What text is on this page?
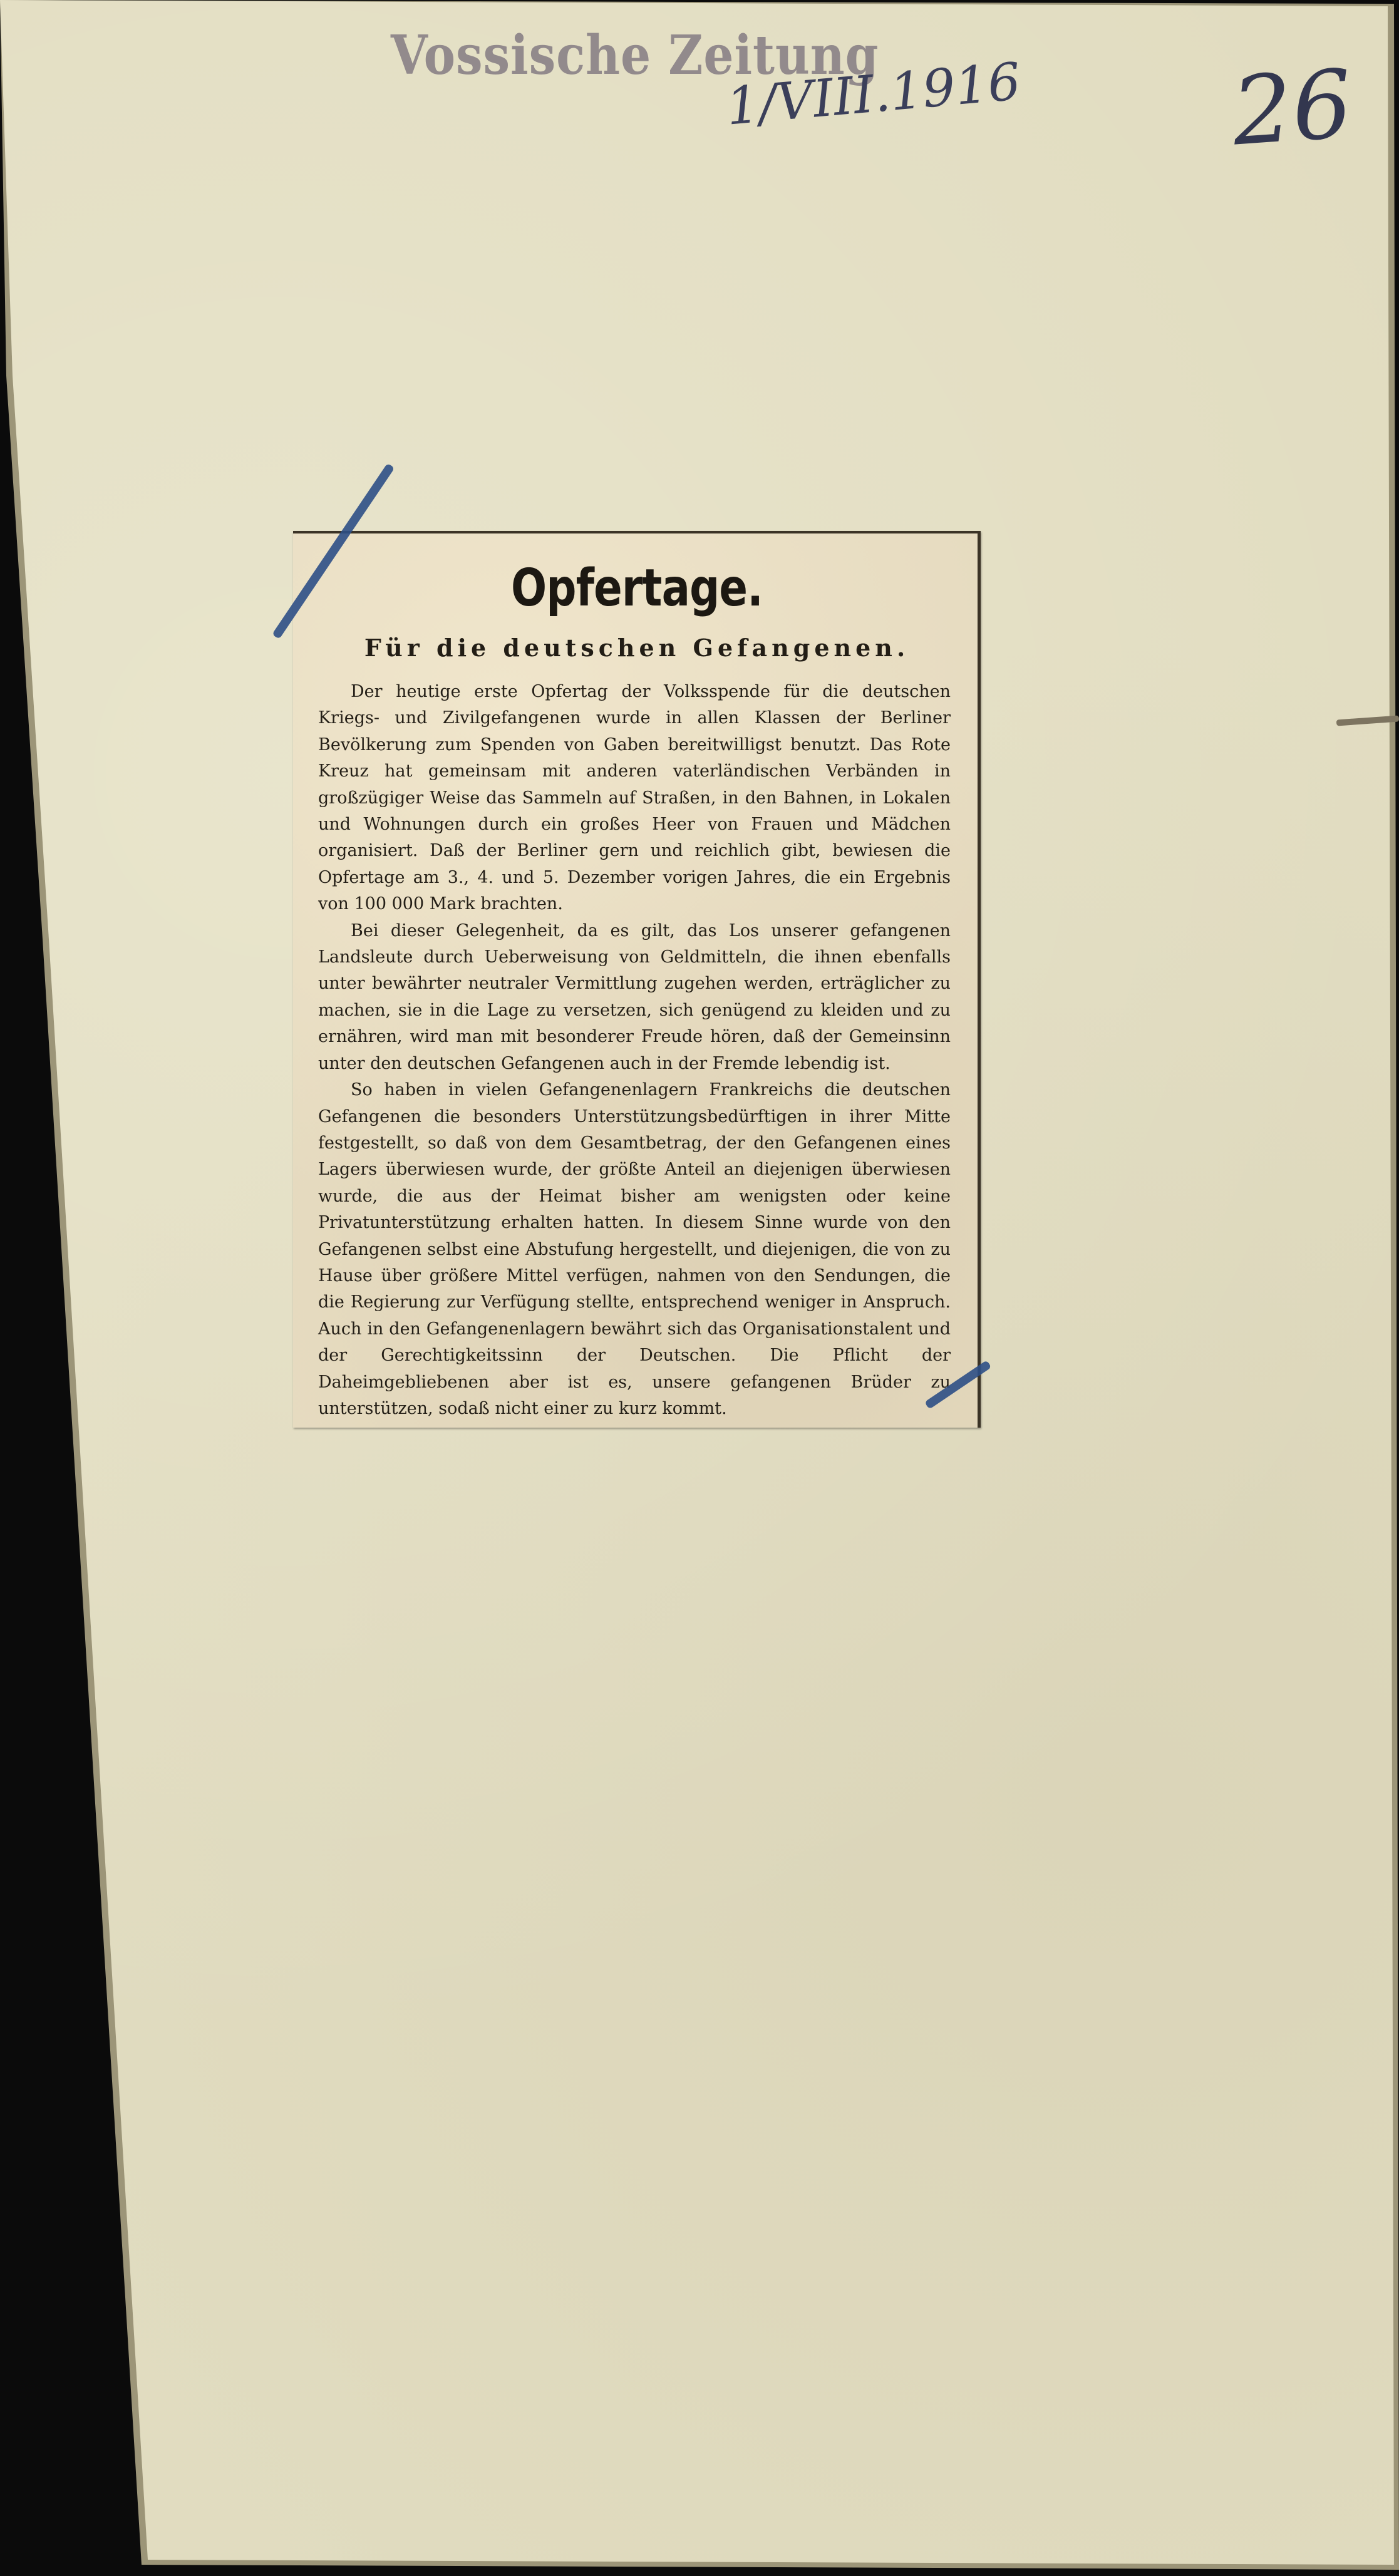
Vossische Zeitung
1/VIII.1916 26
Opfertage.
Für die deutschen Gefangenen.

Der heutige erste Opfertag der Volksspende für die deutschen Kriegs- und Zivilgefangenen wurde in allen Klassen der Berliner Bevölkerung zum Spenden von Gaben bereitwilligst benutzt. Das Rote Kreuz hat gemeinsam mit anderen vaterländischen Verbänden in großzügiger Weise das Sammeln auf Straßen, in den Bahnen, in Lokalen und Wohnungen durch ein großes Heer von Frauen und Mädchen organisiert. Daß der Berliner gern und reichlich gibt, bewiesen die Opfertage am 3., 4. und 5. Dezember vorigen Jahres, die ein Ergebnis von 100 000 Mark brachten.

Bei dieser Gelegenheit, da es gilt, das Los unserer gefangenen Landsleute durch Ueberweisung von Geldmitteln, die ihnen ebenfalls unter bewährter neutraler Vermittlung zugehen werden, erträglicher zu machen, sie in die Lage zu versetzen, sich genügend zu kleiden und zu ernähren, wird man mit besonderer Freude hören, daß der Gemeinsinn unter den deutschen Gefangenen auch in der Fremde lebendig ist.

So haben in vielen Gefangenenlagern Frankreichs die deutschen Gefangenen die besonders Unterstützungsbedürftigen in ihrer Mitte festgestellt, so daß von dem Gesamtbetrag, der den Gefangenen eines Lagers überwiesen wurde, der größte Anteil an diejenigen überwiesen wurde, die aus der Heimat bisher am wenigsten oder keine Privatunterstützung erhalten hatten. In diesem Sinne wurde von den Gefangenen selbst eine Abstufung hergestellt, und diejenigen, die von zu Hause über größere Mittel verfügen, nahmen von den Sendungen, die die Regierung zur Verfügung stellte, entsprechend weniger in Anspruch. Auch in den Gefangenenlagern bewährt sich das Organisationstalent und der Gerechtigkeitssinn der Deutschen. Die Pflicht der Daheimgebliebenen aber ist es, unsere gefangenen Brüder zu unterstützen, sodaß nicht einer zu kurz kommt.
